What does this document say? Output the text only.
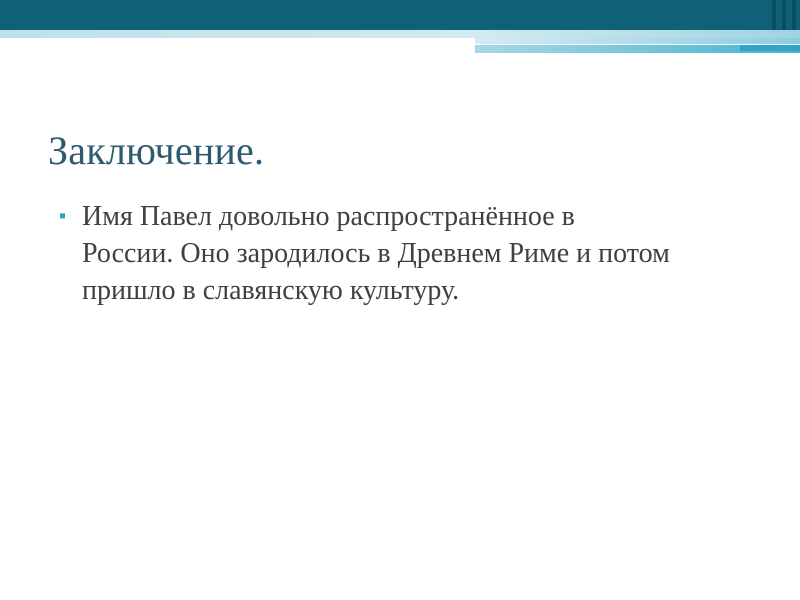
Заключение.
▪ Имя Павел довольно распространённое в
России. Оно зародилось в Древнем Риме и потом
пришло в славянскую культуру.
